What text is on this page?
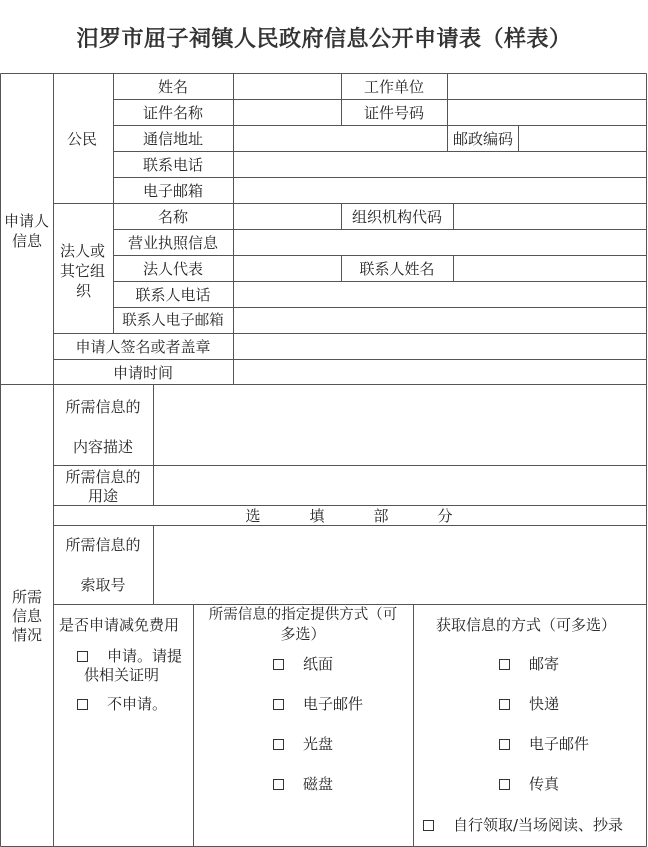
汨罗市屈子祠镇人民政府信息公开申请表（样表）
申请人
信息
公民
姓名	工作单位
证件名称	证件号码
通信地址	邮政编码
联系电话
电子邮箱
法人或
其它组
织
名称	组织机构代码
营业执照信息
法人代表	联系人姓名
联系人电话
联系人电子邮箱
申请人签名或者盖章
申请时间
所需
信息
情况
所需信息的
内容描述
所需信息的
用途
选	填	部	分
所需信息的
索取号
是否申请减免费用
申请。请提
供相关证明
不申请。
所需信息的指定提供方式（可
多选）
纸面
电子邮件
光盘
磁盘
获取信息的方式（可多选）
邮寄
快递
电子邮件
传真
自行领取/当场阅读、抄录
